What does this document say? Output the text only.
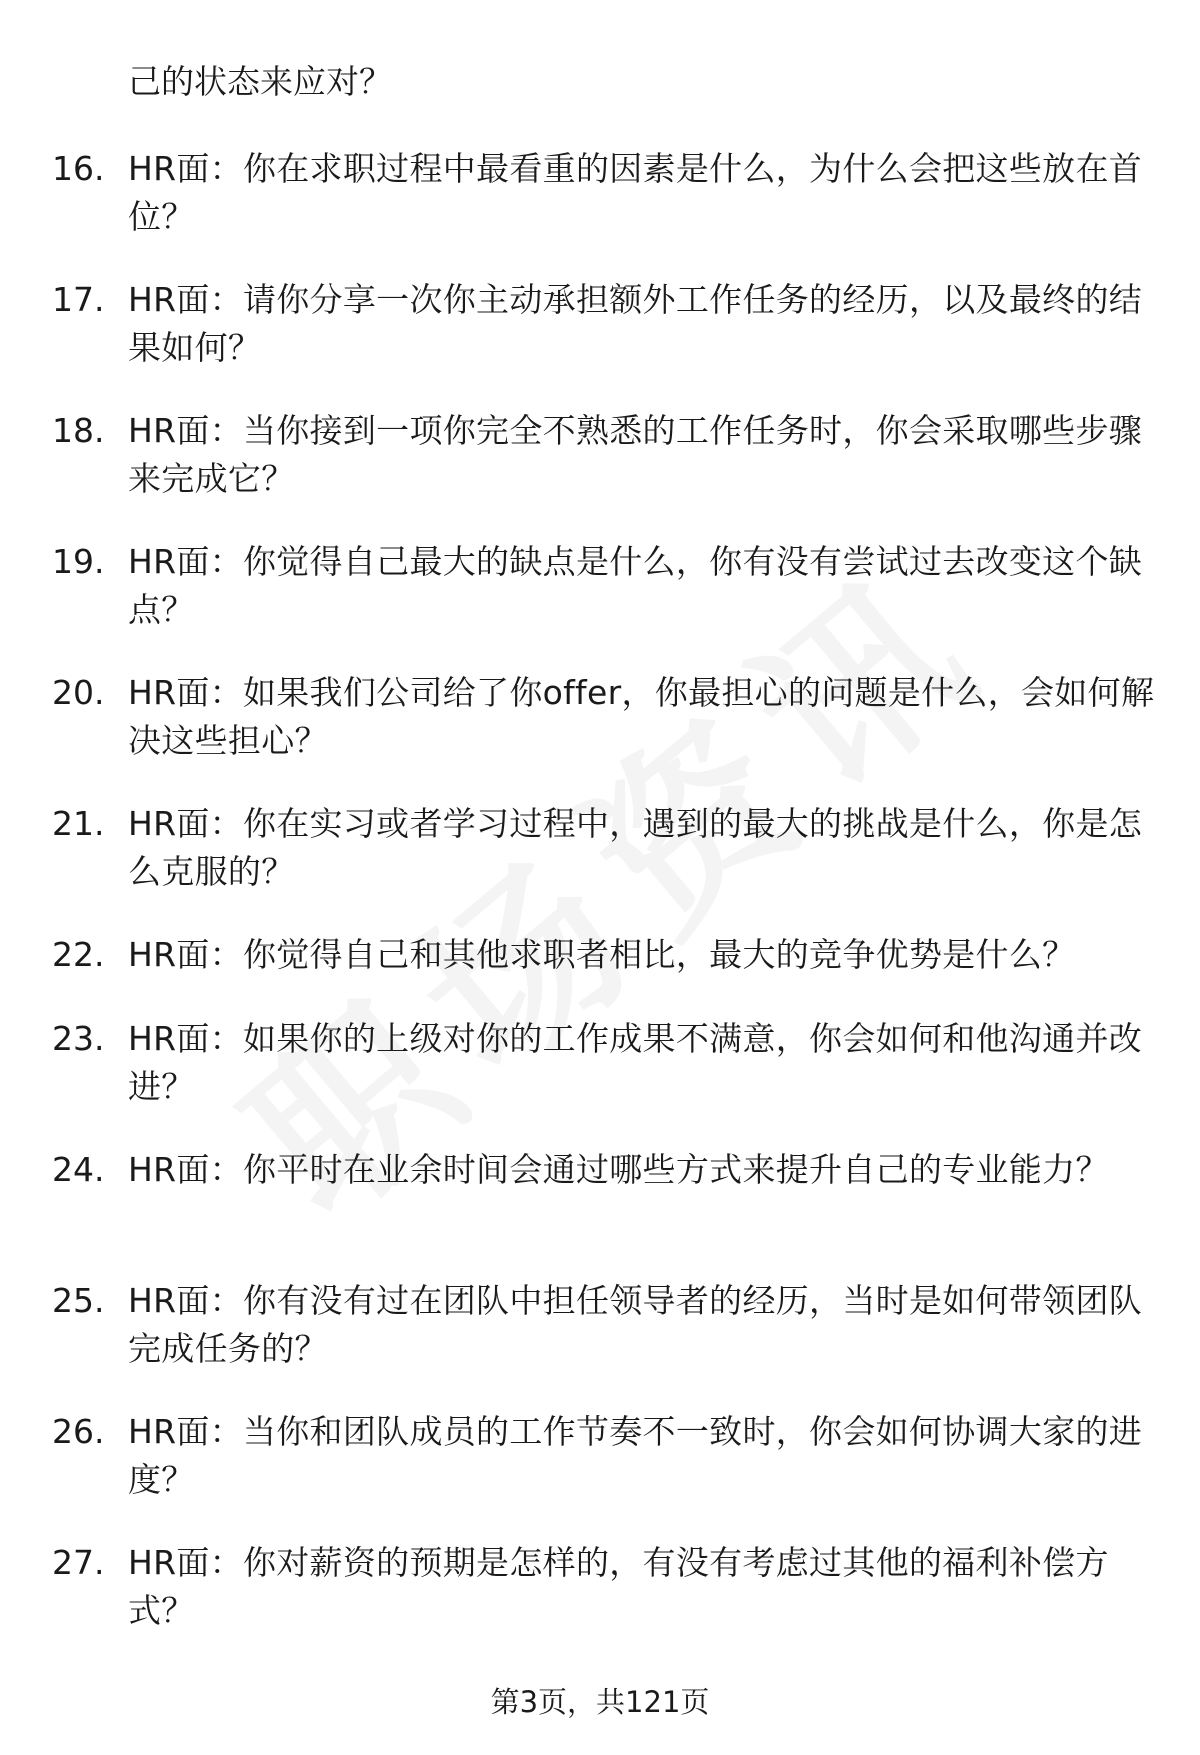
己的状态来应对？
16. HR面：你在求职过程中最看重的因素是什么，为什么会把这些放在首位？
17. HR面：请你分享一次你主动承担额外工作任务的经历，以及最终的结果如何？
18. HR面：当你接到一项你完全不熟悉的工作任务时，你会采取哪些步骤来完成它？
19. HR面：你觉得自己最大的缺点是什么，你有没有尝试过去改变这个缺点？
20. HR面：如果我们公司给了你offer，你最担心的问题是什么，会如何解决这些担心？
21. HR面：你在实习或者学习过程中，遇到的最大的挑战是什么，你是怎么克服的？
22. HR面：你觉得自己和其他求职者相比，最大的竞争优势是什么？
23. HR面：如果你的上级对你的工作成果不满意，你会如何和他沟通并改进？
24. HR面：你平时在业余时间会通过哪些方式来提升自己的专业能力？
25. HR面：你有没有过在团队中担任领导者的经历，当时是如何带领团队完成任务的？
26. HR面：当你和团队成员的工作节奏不一致时，你会如何协调大家的进度？
27. HR面：你对薪资的预期是怎样的，有没有考虑过其他的福利补偿方式？
第3页，共121页
